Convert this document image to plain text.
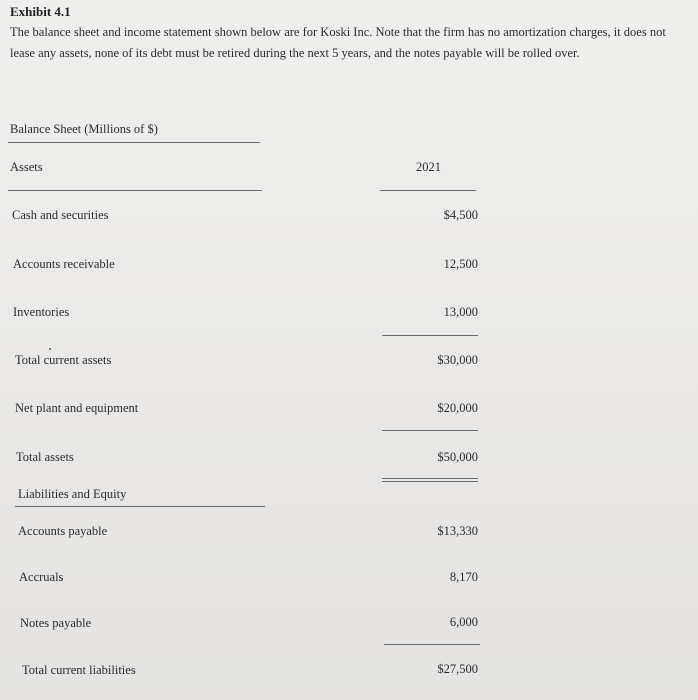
Exhibit 4.1
The balance sheet and income statement shown below are for Koski Inc. Note that the firm has no amortization charges, it does not lease any assets, none of its debt must be retired during the next 5 years, and the notes payable will be rolled over.
Balance Sheet (Millions of $)
Assets	2021
Cash and securities	$4,500
Accounts receivable	12,500
Inventories	13,000
Total current assets	$30,000
Net plant and equipment	$20,000
Total assets	$50,000
Liabilities and Equity
Accounts payable	$13,330
Accruals	8,170
Notes payable	6,000
Total current liabilities	$27,500
